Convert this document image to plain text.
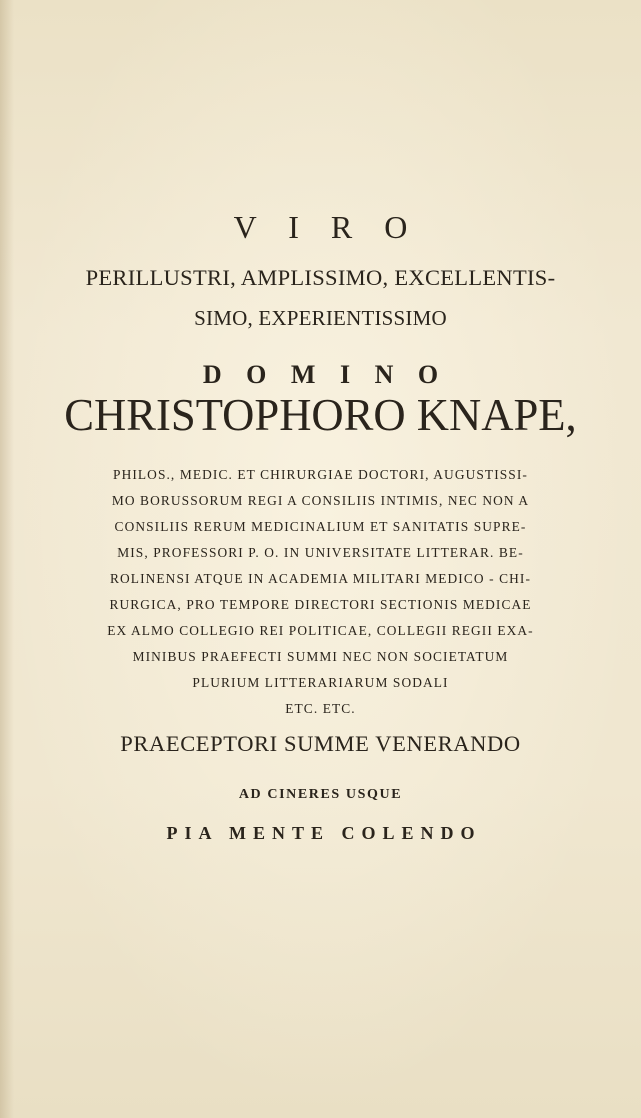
V I R O
PERILLUSTRI, AMPLISSIMO, EXCELLENTIS-
SIMO, EXPERIENTISSIMO
D O M I N O
CHRISTOPHORO KNAPE,
PHILOS., MEDIC. ET CHIRURGIAE DOCTORI, AUGUSTISSI-
MO BORUSSORUM REGI A CONSILIIS INTIMIS, NEC NON A
CONSILIIS RERUM MEDICINALIUM ET SANITATIS SUPRE-
MIS, PROFESSORI P. O. IN UNIVERSITATE LITTERAR. BE-
ROLINENSI ATQUE IN ACADEMIA MILITARI MEDICO - CHI-
RURGICA, PRO TEMPORE DIRECTORI SECTIONIS MEDICAE
EX ALMO COLLEGIO REI POLITICAE, COLLEGII REGII EXA-
MINIBUS PRAEFECTI SUMMI NEC NON SOCIETATUM
PLURIUM LITTERARIARUM SODALI
ETC. ETC.
PRAECEPTORI SUMME VENERANDO
AD CINERES USQUE
PIA MENTE COLENDO
